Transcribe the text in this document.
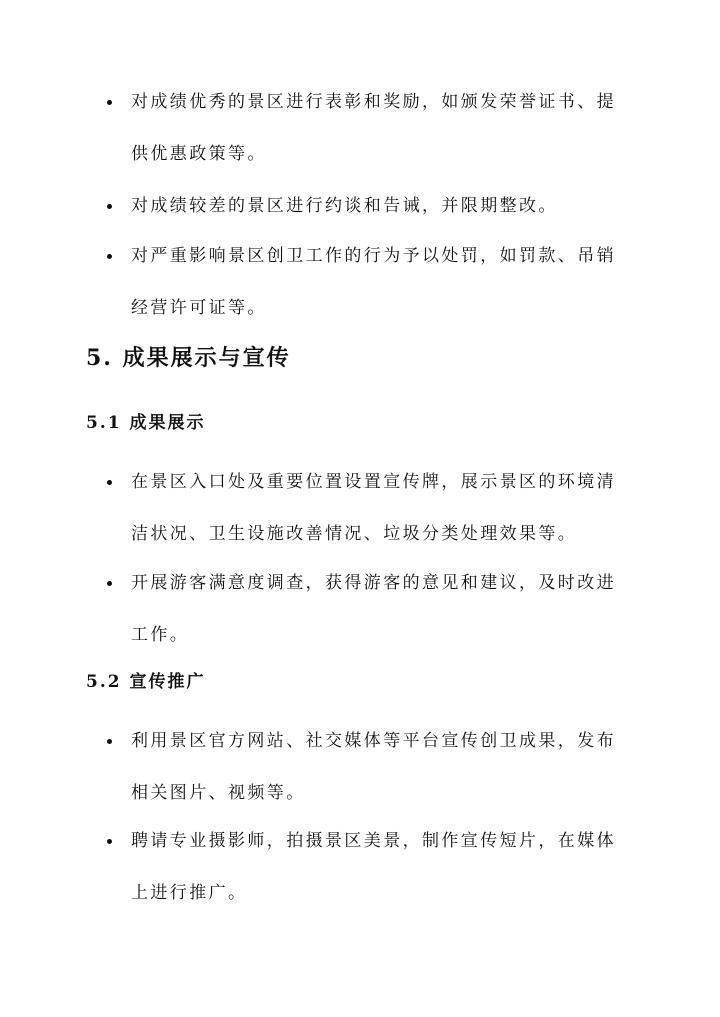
对成绩优秀的景区进行表彰和奖励，如颁发荣誉证书、提供优惠政策等。
对成绩较差的景区进行约谈和告诫，并限期整改。
对严重影响景区创卫工作的行为予以处罚，如罚款、吊销经营许可证等。
5. 成果展示与宣传
5.1 成果展示
在景区入口处及重要位置设置宣传牌，展示景区的环境清洁状况、卫生设施改善情况、垃圾分类处理效果等。
开展游客满意度调查，获得游客的意见和建议，及时改进工作。
5.2 宣传推广
利用景区官方网站、社交媒体等平台宣传创卫成果，发布相关图片、视频等。
聘请专业摄影师，拍摄景区美景，制作宣传短片，在媒体上进行推广。
